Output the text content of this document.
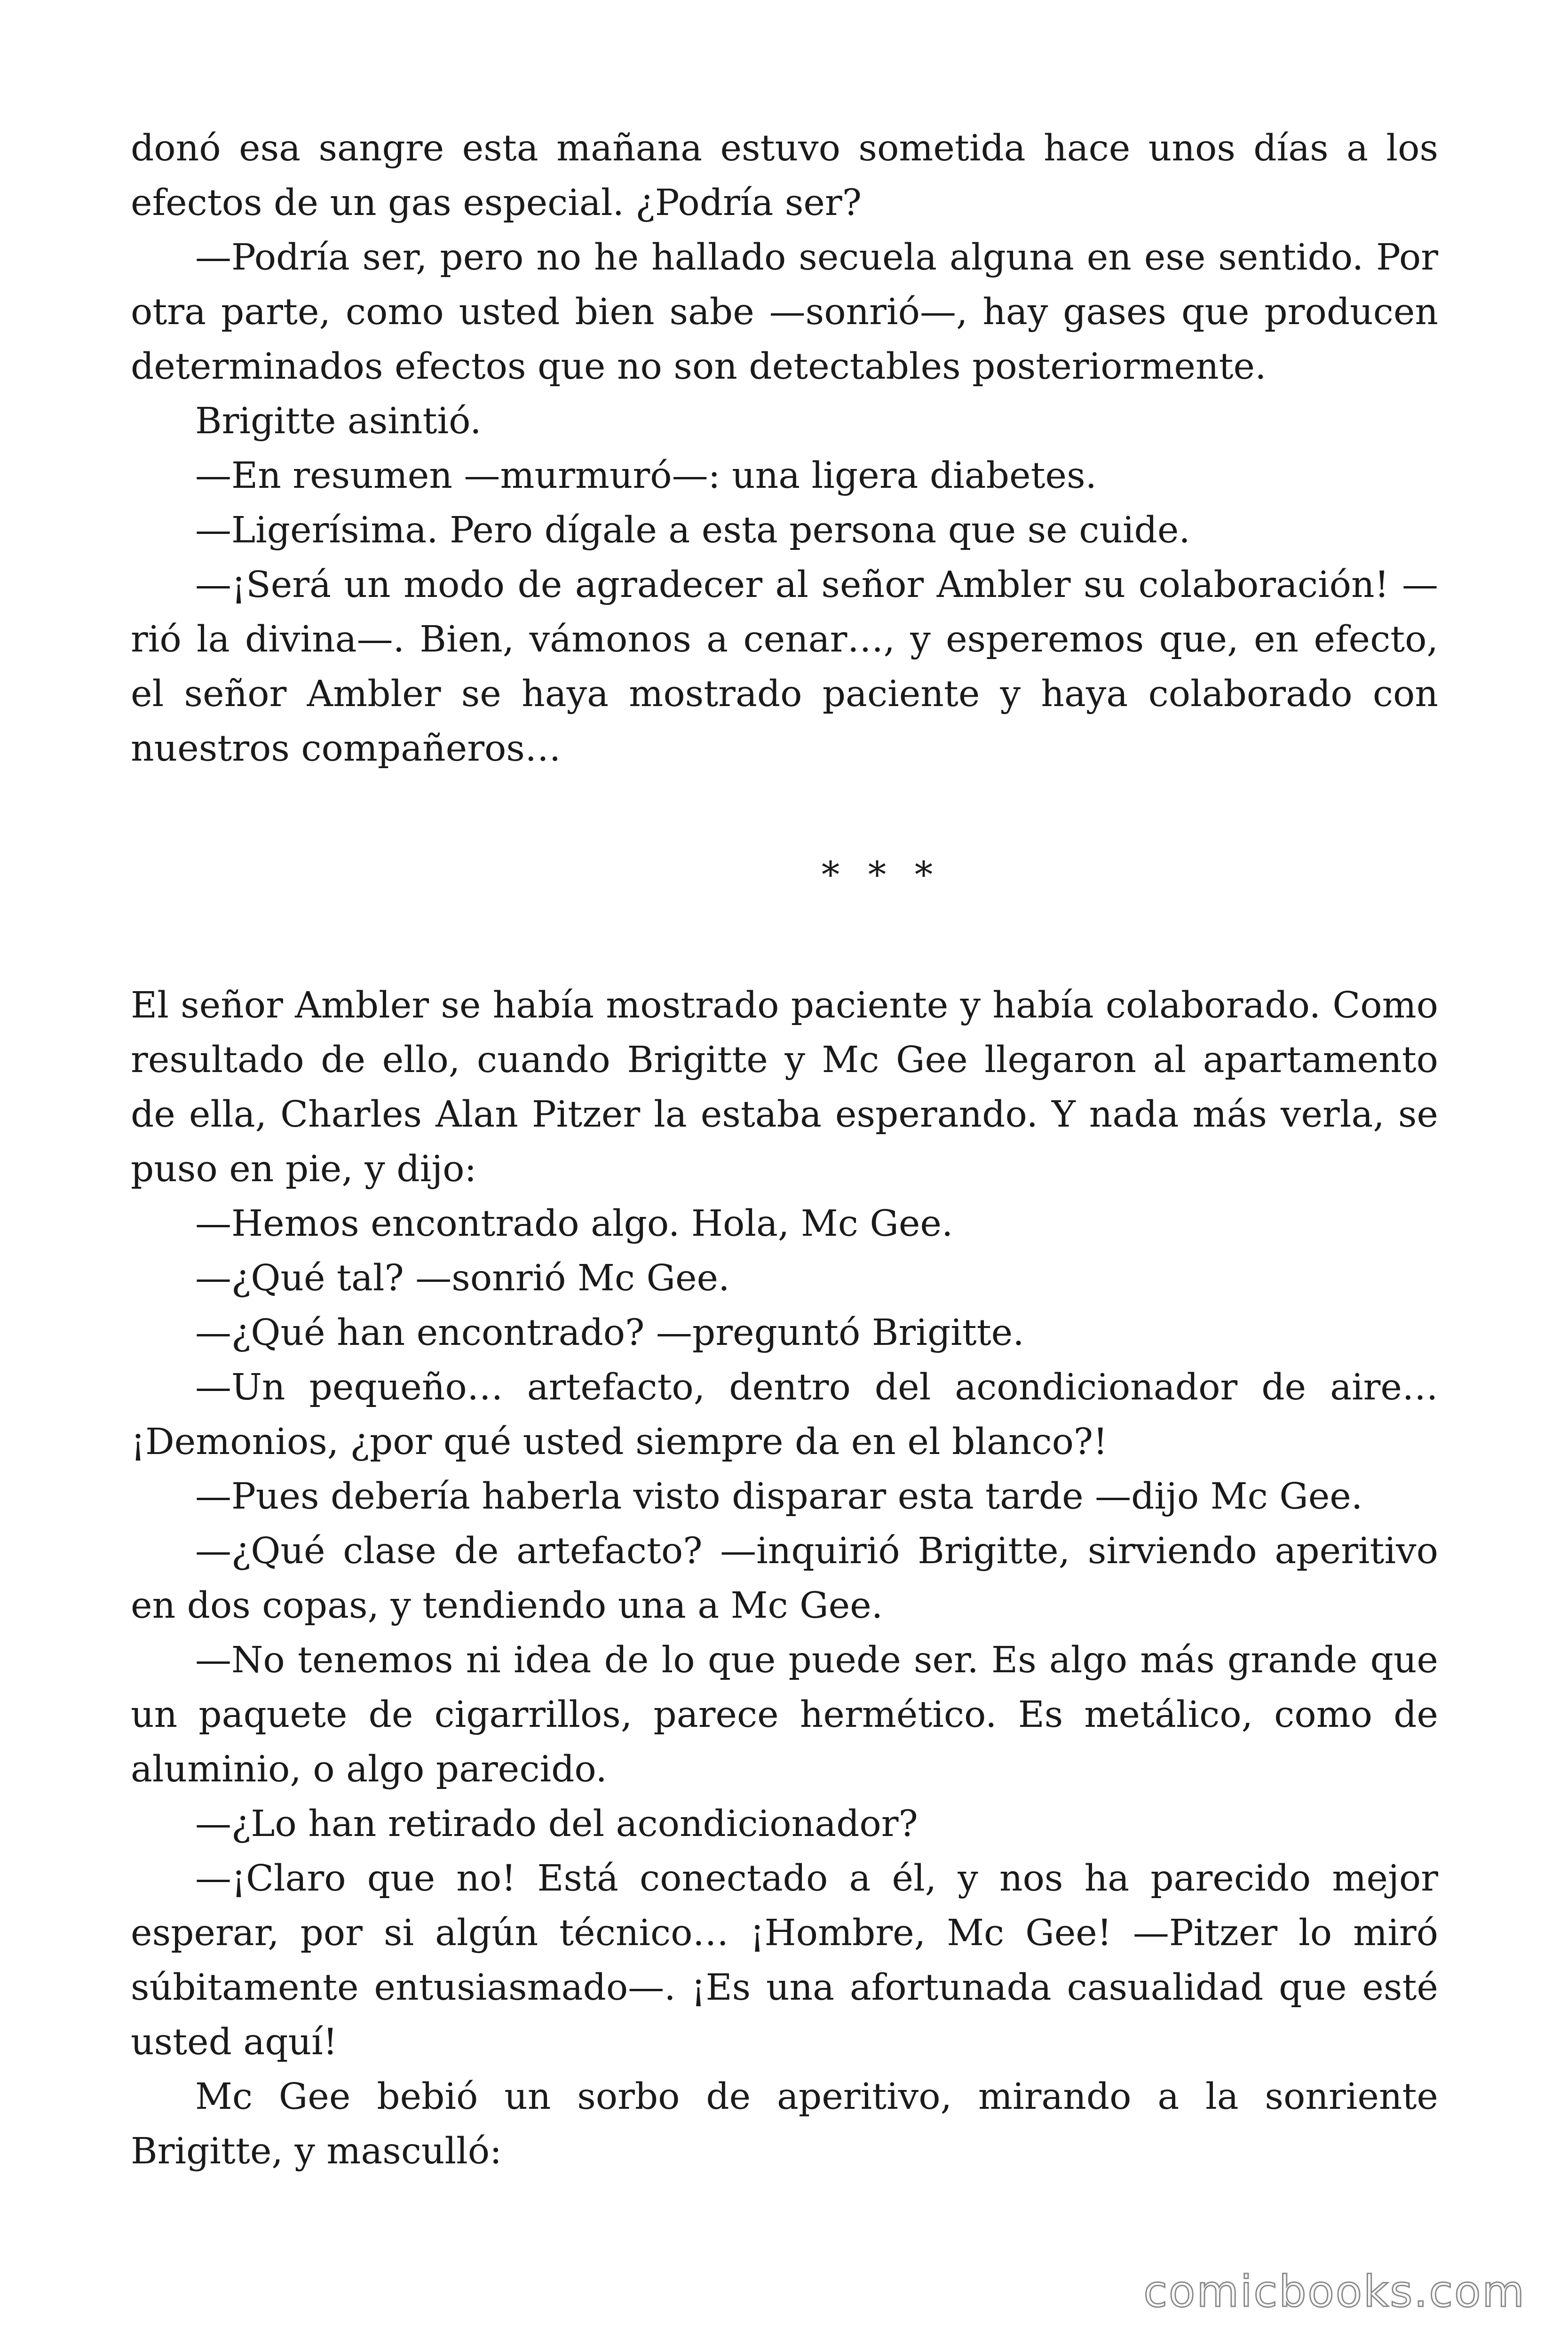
donó esa sangre esta mañana estuvo sometida hace unos días a los efectos de un gas especial. ¿Podría ser?

—Podría ser, pero no he hallado secuela alguna en ese sentido. Por otra parte, como usted bien sabe —sonrió—, hay gases que producen determinados efectos que no son detectables posteriormente.

Brigitte asintió.

—En resumen —murmuró—: una ligera diabetes.

—Ligerísima. Pero dígale a esta persona que se cuide.

—¡Será un modo de agradecer al señor Ambler su colaboración! —rió la divina—. Bien, vámonos a cenar…, y esperemos que, en efecto, el señor Ambler se haya mostrado paciente y haya colaborado con nuestros compañeros…

* * *

El señor Ambler se había mostrado paciente y había colaborado. Como resultado de ello, cuando Brigitte y Mc Gee llegaron al apartamento de ella, Charles Alan Pitzer la estaba esperando. Y nada más verla, se puso en pie, y dijo:

—Hemos encontrado algo. Hola, Mc Gee.

—¿Qué tal? —sonrió Mc Gee.

—¿Qué han encontrado? —preguntó Brigitte.

—Un pequeño… artefacto, dentro del acondicionador de aire… ¡Demonios, ¿por qué usted siempre da en el blanco?!

—Pues debería haberla visto disparar esta tarde —dijo Mc Gee.

—¿Qué clase de artefacto? —inquirió Brigitte, sirviendo aperitivo en dos copas, y tendiendo una a Mc Gee.

—No tenemos ni idea de lo que puede ser. Es algo más grande que un paquete de cigarrillos, parece hermético. Es metálico, como de aluminio, o algo parecido.

—¿Lo han retirado del acondicionador?

—¡Claro que no! Está conectado a él, y nos ha parecido mejor esperar, por si algún técnico… ¡Hombre, Mc Gee! —Pitzer lo miró súbitamente entusiasmado—. ¡Es una afortunada casualidad que esté usted aquí!

Mc Gee bebió un sorbo de aperitivo, mirando a la sonriente Brigitte, y masculló:

comicbooks.com
